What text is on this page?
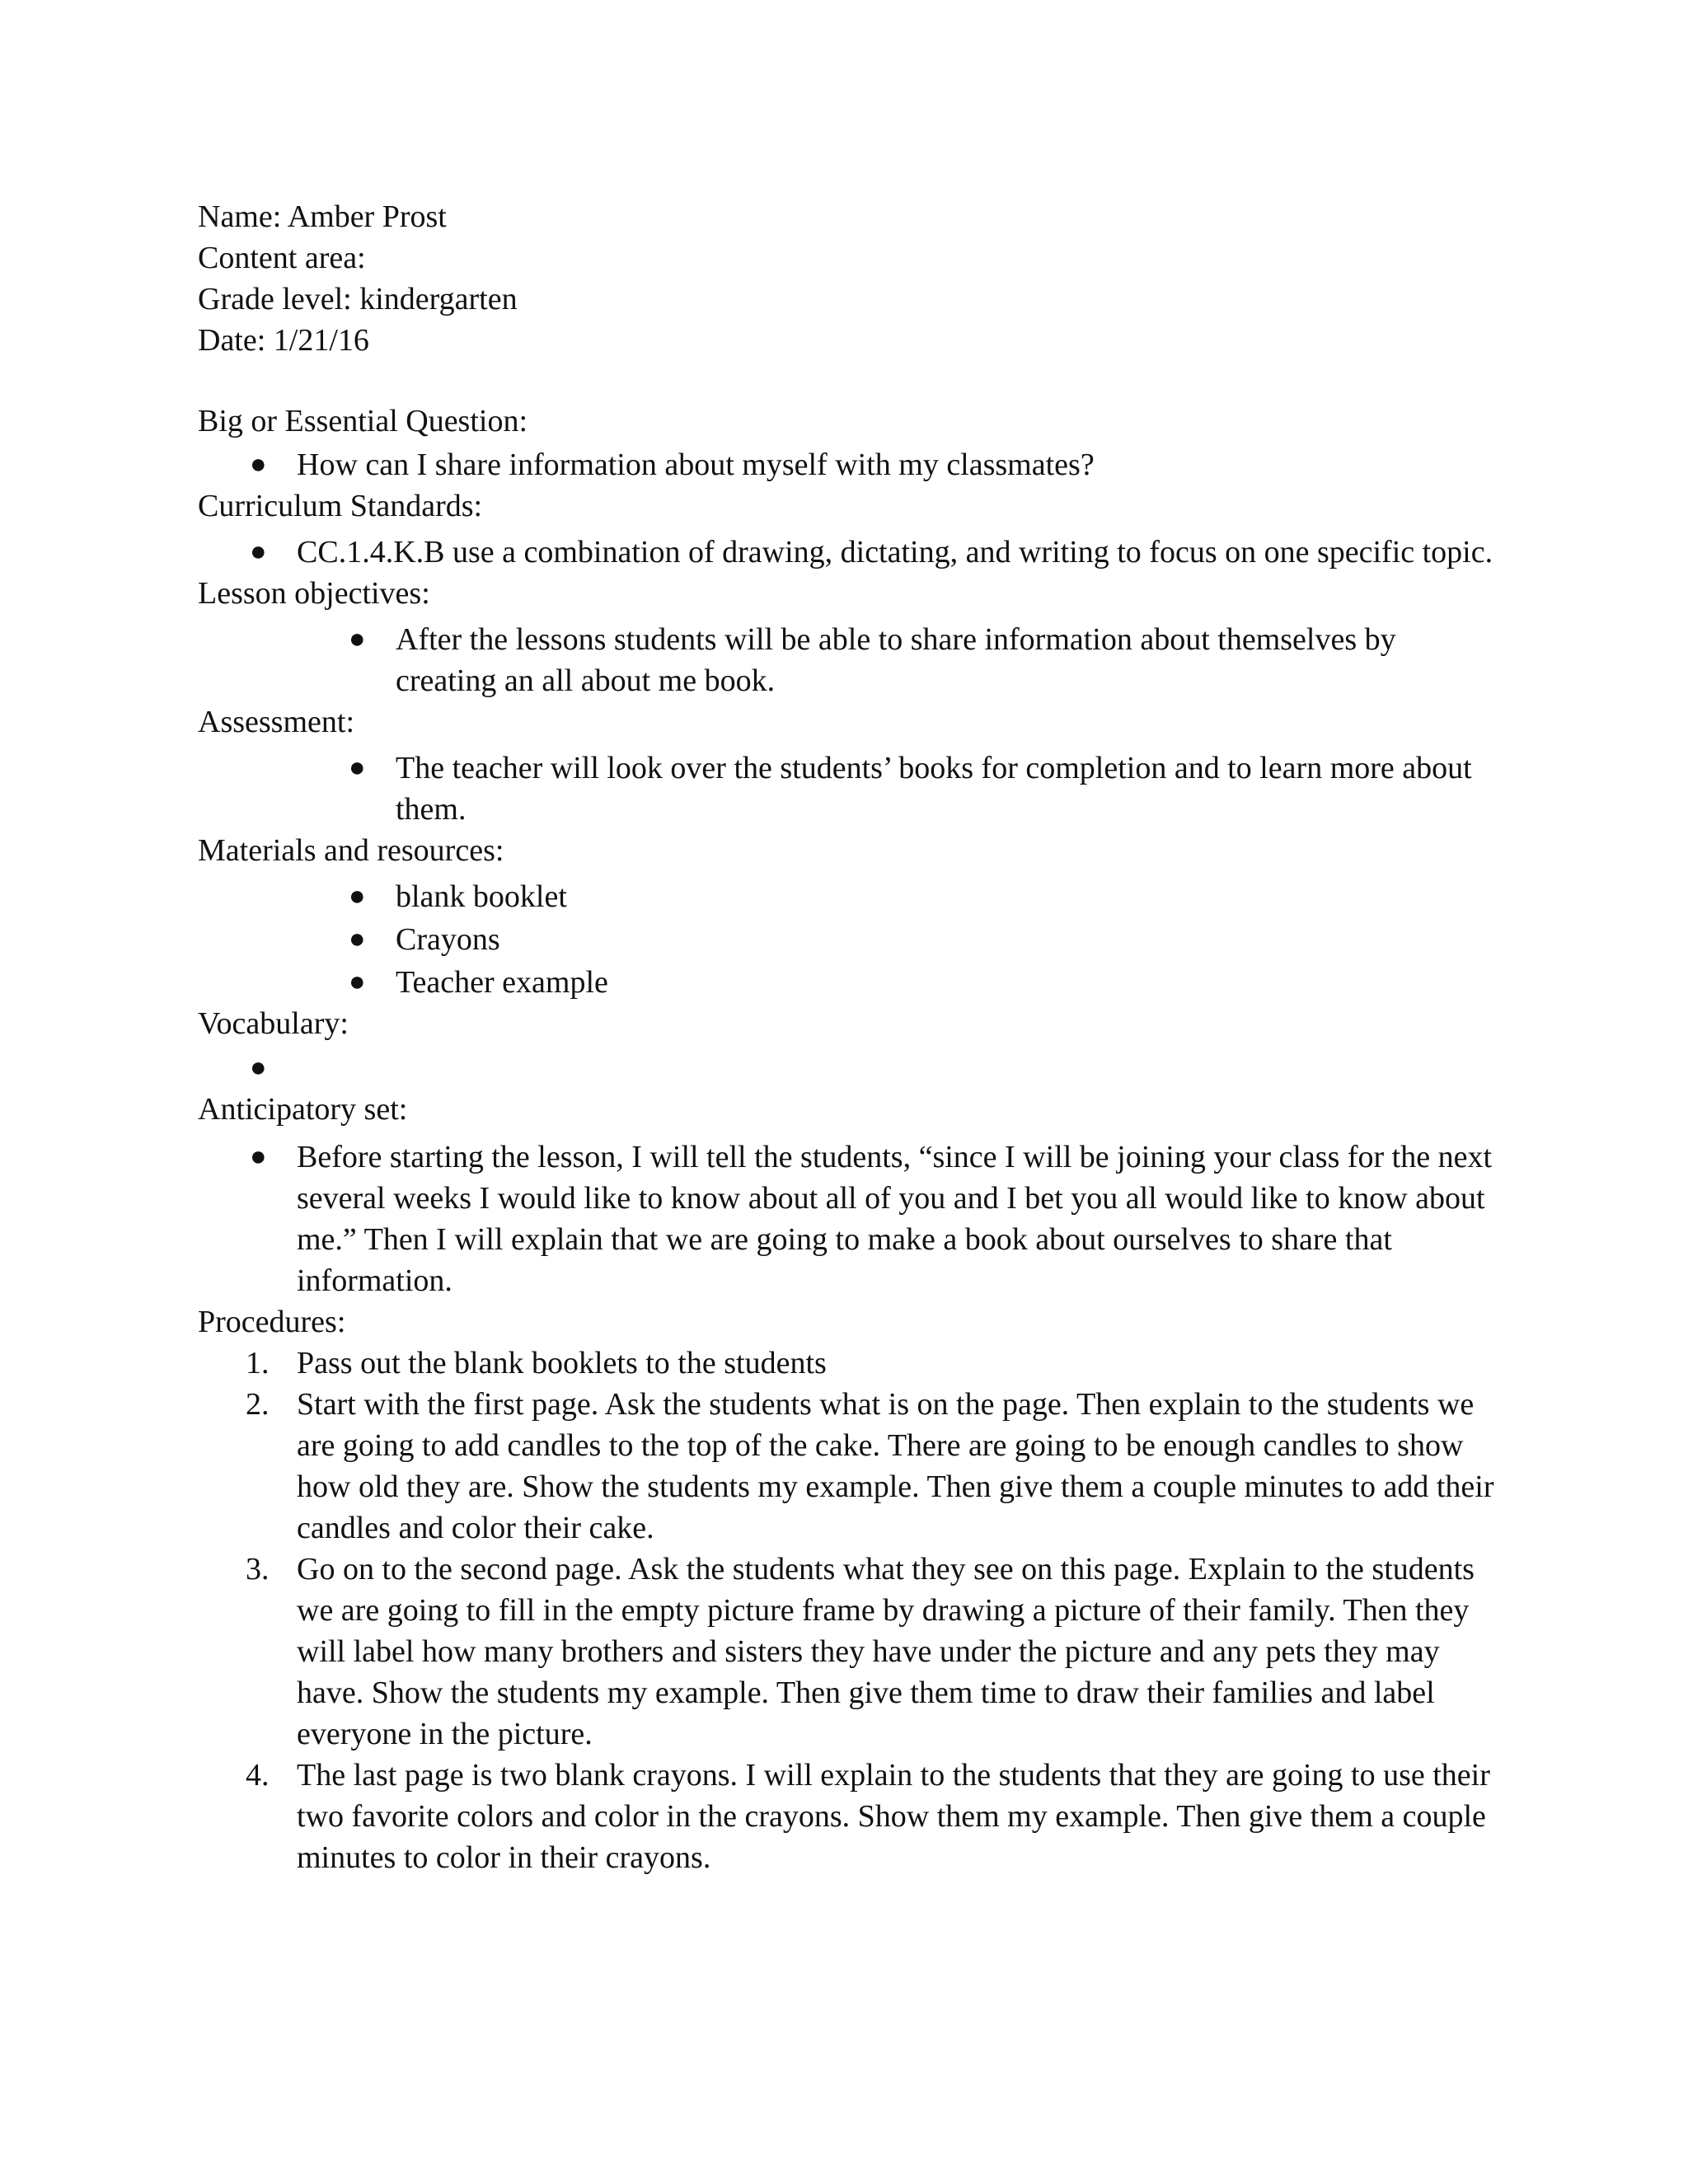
Name: Amber Prost

Content area:

Grade level: kindergarten

Date: 1/21/16

Big or Essential Question:

● How can I share information about myself with my classmates?

Curriculum Standards:

● CC.1.4.K.B use a combination of drawing, dictating, and writing to focus on one specific topic.

Lesson objectives:

● After the lessons students will be able to share information about themselves by creating an all about me book.

Assessment:

● The teacher will look over the students’ books for completion and to learn more about them.

Materials and resources:

● blank booklet
● Crayons
● Teacher example

Vocabulary:

●

Anticipatory set:

● Before starting the lesson, I will tell the students, “since I will be joining your class for the next several weeks I would like to know about all of you and I bet you all would like to know about me.” Then I will explain that we are going to make a book about ourselves to share that information.

Procedures:

1. Pass out the blank booklets to the students
2. Start with the first page. Ask the students what is on the page. Then explain to the students we are going to add candles to the top of the cake. There are going to be enough candles to show how old they are. Show the students my example. Then give them a couple minutes to add their candles and color their cake.
3. Go on to the second page. Ask the students what they see on this page. Explain to the students we are going to fill in the empty picture frame by drawing a picture of their family. Then they will label how many brothers and sisters they have under the picture and any pets they may have. Show the students my example. Then give them time to draw their families and label everyone in the picture.
4. The last page is two blank crayons. I will explain to the students that they are going to use their two favorite colors and color in the crayons. Show them my example. Then give them a couple minutes to color in their crayons.
